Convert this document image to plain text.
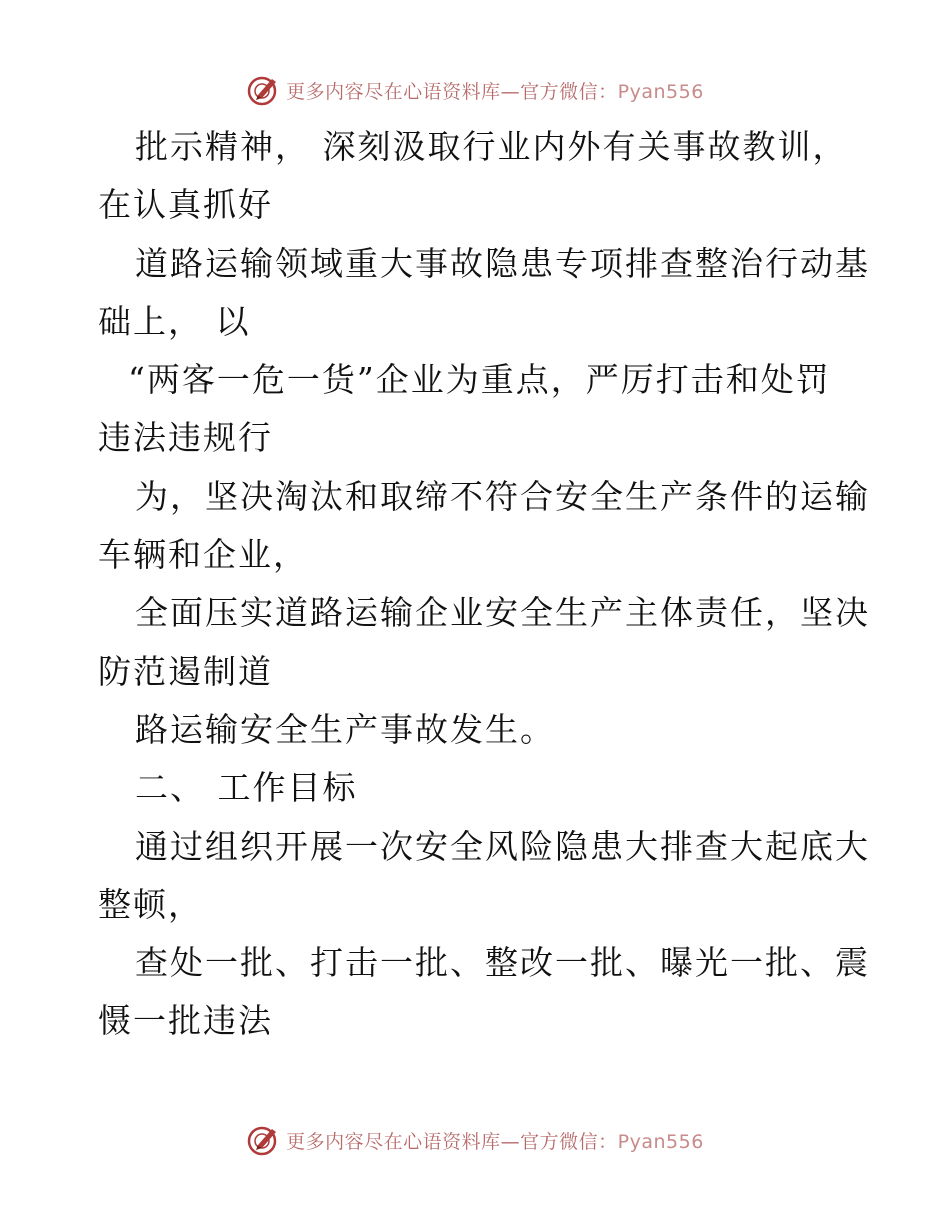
更多内容尽在心语资料库—官方微信：Pyan556
批示精神， 深刻汲取行业内外有关事故教训，
在认真抓好
道路运输领域重大事故隐患专项排查整治行动基
础上， 以
“两客一危一货”企业为重点，严厉打击和处罚
违法违规行
为，坚决淘汰和取缔不符合安全生产条件的运输
车辆和企业，
全面压实道路运输企业安全生产主体责任，坚决
防范遏制道
路运输安全生产事故发生。
二、 工作目标
通过组织开展一次安全风险隐患大排查大起底大
整顿，
查处一批、打击一批、整改一批、曝光一批、震
慑一批违法
更多内容尽在心语资料库—官方微信：Pyan556
